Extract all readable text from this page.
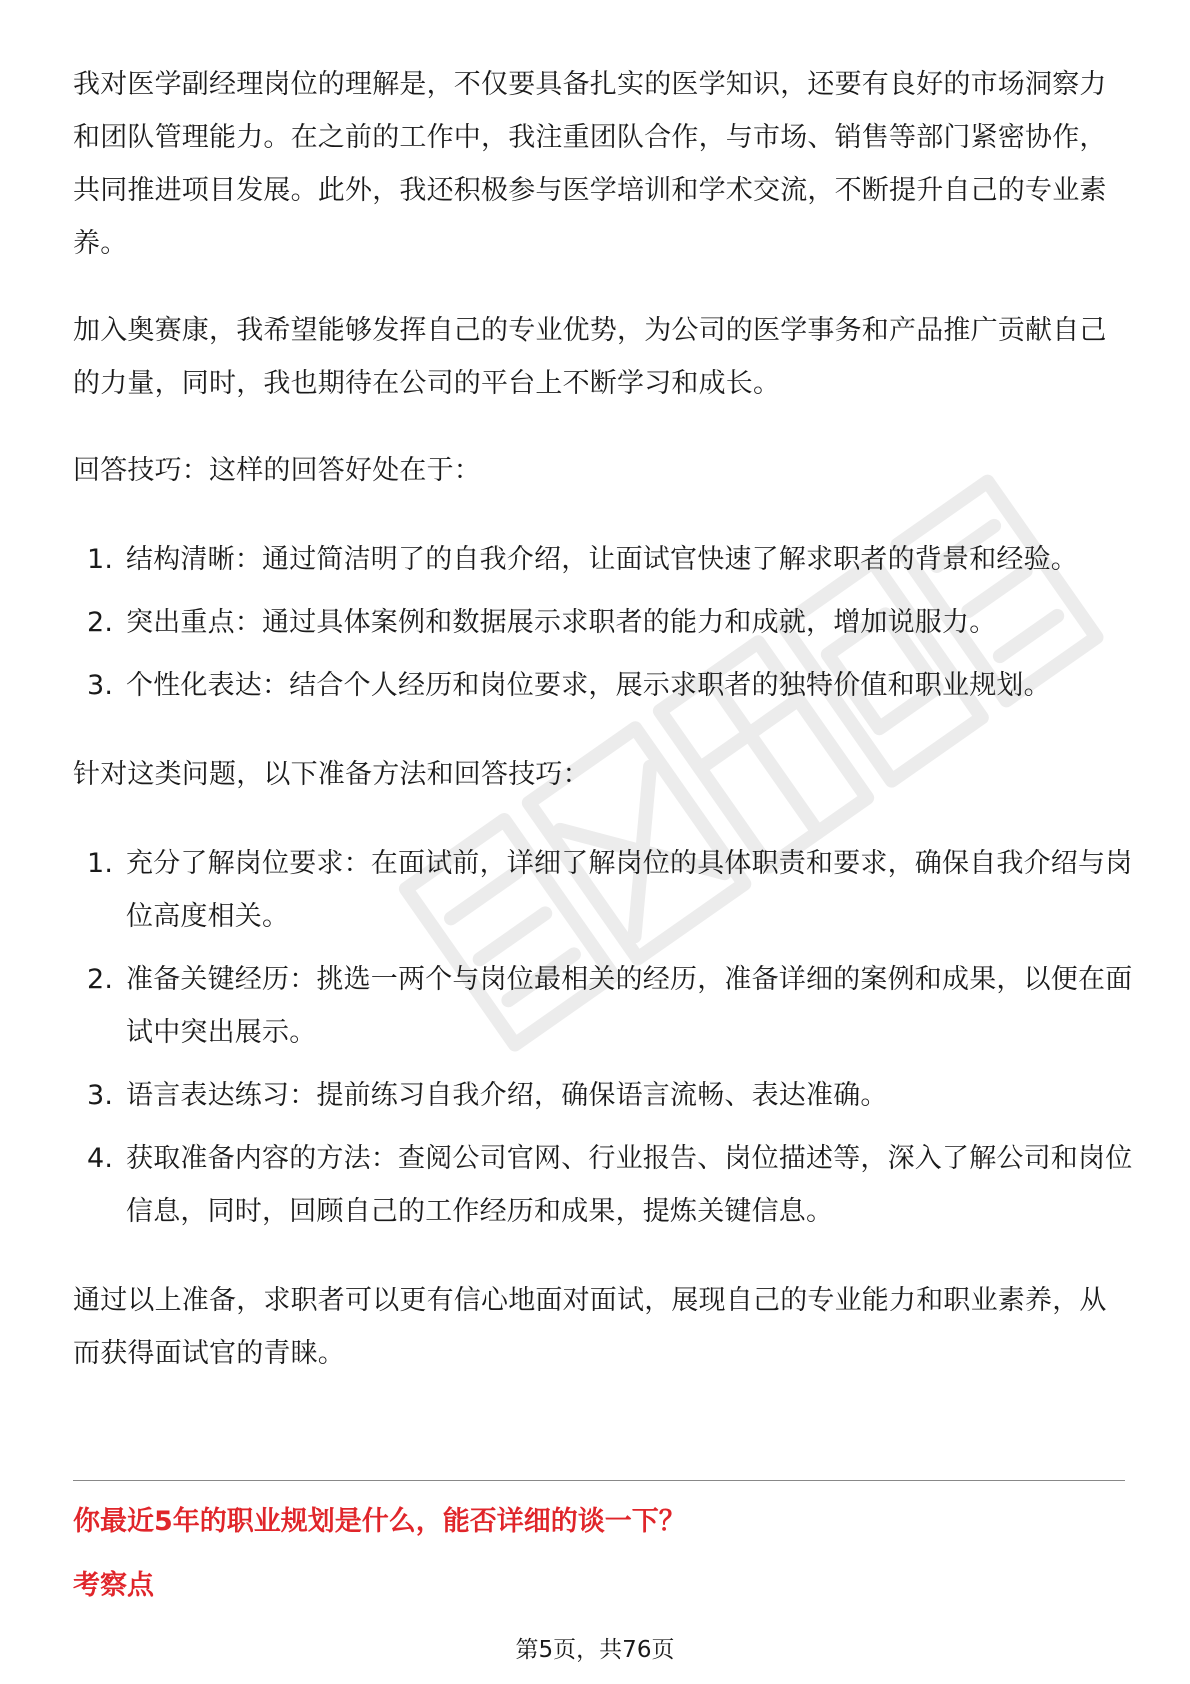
我对医学副经理岗位的理解是，不仅要具备扎实的医学知识，还要有良好的市场洞察力和团队管理能力。在之前的工作中，我注重团队合作，与市场、销售等部门紧密协作，共同推进项目发展。此外，我还积极参与医学培训和学术交流，不断提升自己的专业素养。

加入奥赛康，我希望能够发挥自己的专业优势，为公司的医学事务和产品推广贡献自己的力量，同时，我也期待在公司的平台上不断学习和成长。

回答技巧：这样的回答好处在于：

1. 结构清晰：通过简洁明了的自我介绍，让面试官快速了解求职者的背景和经验。
2. 突出重点：通过具体案例和数据展示求职者的能力和成就，增加说服力。
3. 个性化表达：结合个人经历和岗位要求，展示求职者的独特价值和职业规划。

针对这类问题，以下准备方法和回答技巧：

1. 充分了解岗位要求：在面试前，详细了解岗位的具体职责和要求，确保自我介绍与岗位高度相关。
2. 准备关键经历：挑选一两个与岗位最相关的经历，准备详细的案例和成果，以便在面试中突出展示。
3. 语言表达练习：提前练习自我介绍，确保语言流畅、表达准确。
4. 获取准备内容的方法：查阅公司官网、行业报告、岗位描述等，深入了解公司和岗位信息，同时，回顾自己的工作经历和成果，提炼关键信息。

通过以上准备，求职者可以更有信心地面对面试，展现自己的专业能力和职业素养，从而获得面试官的青睐。

你最近5年的职业规划是什么，能否详细的谈一下？

考察点

第5页，共76页
